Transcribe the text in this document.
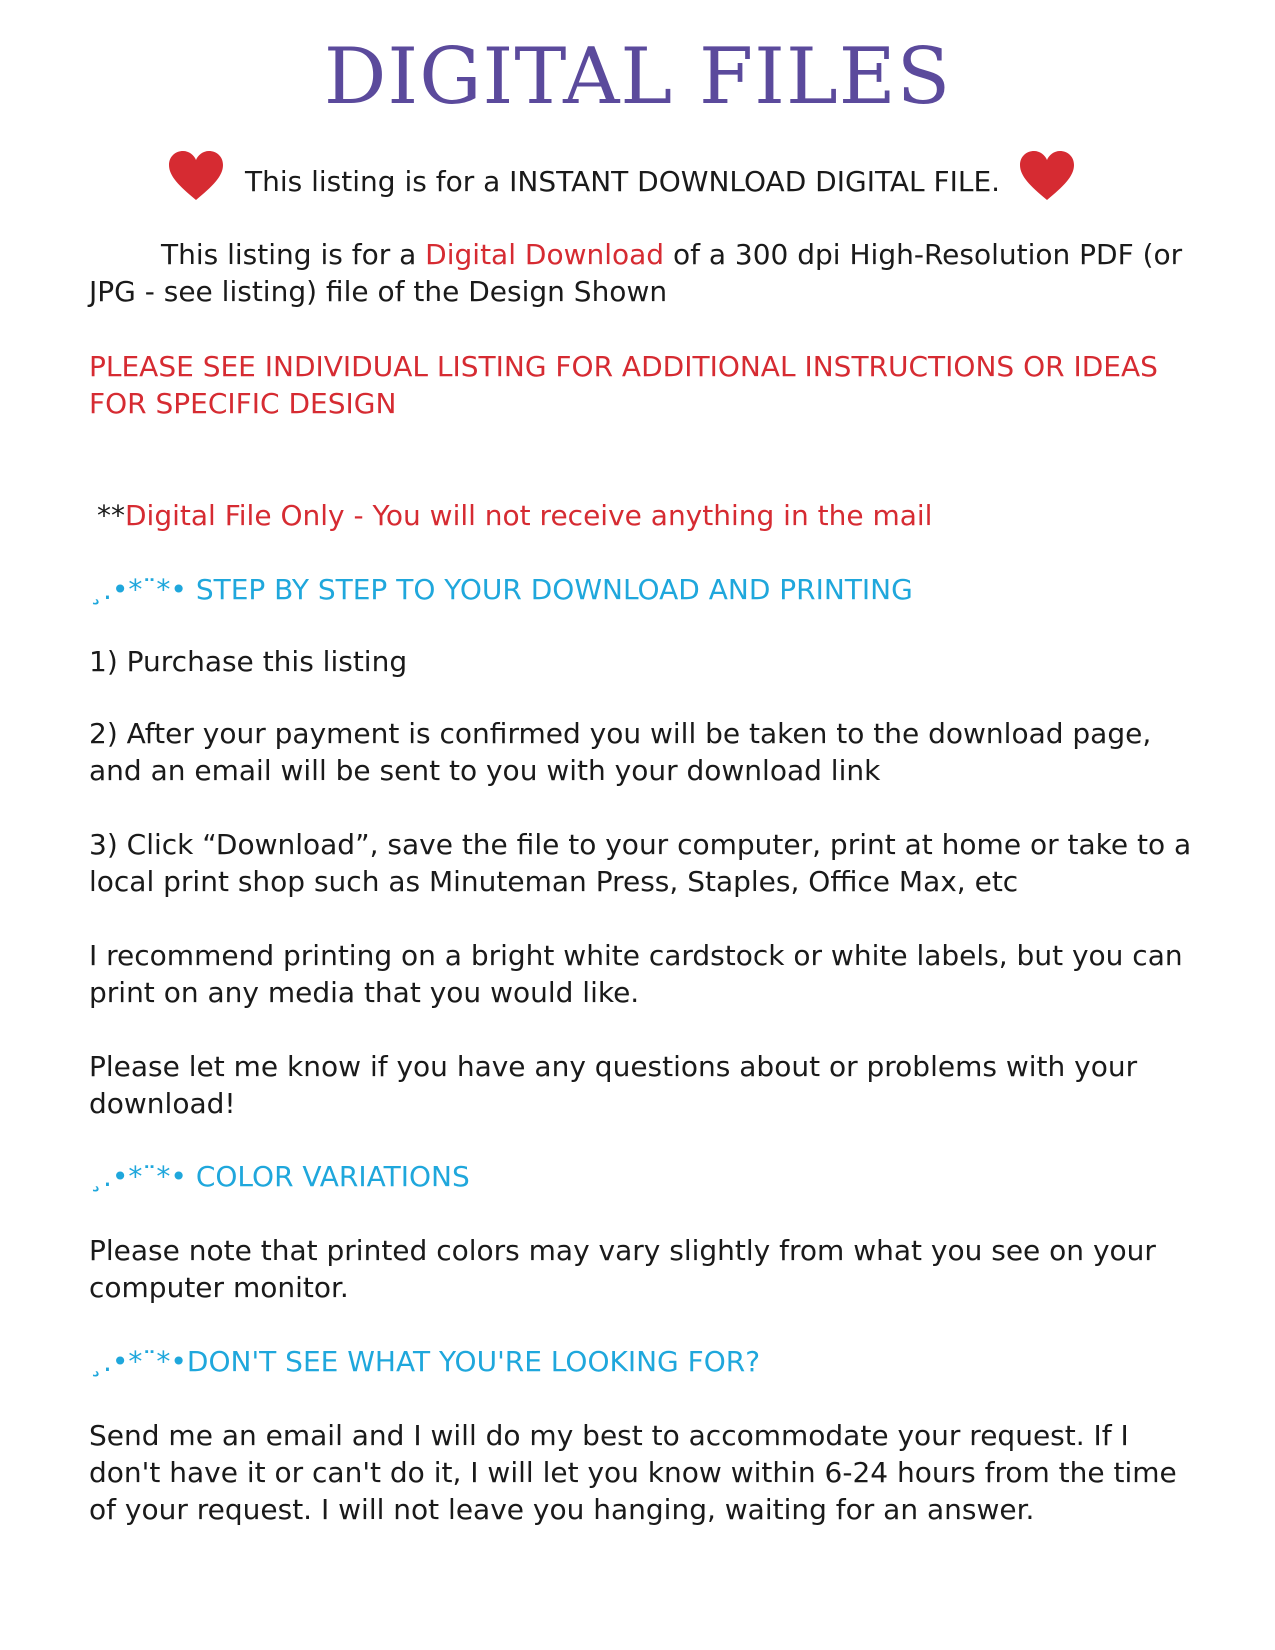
DIGITAL FILES

This listing is for a INSTANT DOWNLOAD DIGITAL FILE.

This listing is for a Digital Download of a 300 dpi High-Resolution PDF (or JPG - see listing) file of the Design Shown

PLEASE SEE INDIVIDUAL LISTING FOR ADDITIONAL INSTRUCTIONS OR IDEAS FOR SPECIFIC DESIGN

**Digital File Only - You will not receive anything in the mail

¸.•*¨*• STEP BY STEP TO YOUR DOWNLOAD AND PRINTING

1) Purchase this listing

2) After your payment is confirmed you will be taken to the download page, and an email will be sent to you with your download link

3) Click “Download”, save the file to your computer, print at home or take to a local print shop such as Minuteman Press, Staples, Office Max, etc

I recommend printing on a bright white cardstock or white labels, but you can print on any media that you would like.

Please let me know if you have any questions about or problems with your download!

¸.•*¨*• COLOR VARIATIONS

Please note that printed colors may vary slightly from what you see on your computer monitor.

¸.•*¨*•DON'T SEE WHAT YOU'RE LOOKING FOR?

Send me an email and I will do my best to accommodate your request. If I don't have it or can't do it, I will let you know within 6-24 hours from the time of your request. I will not leave you hanging, waiting for an answer.
